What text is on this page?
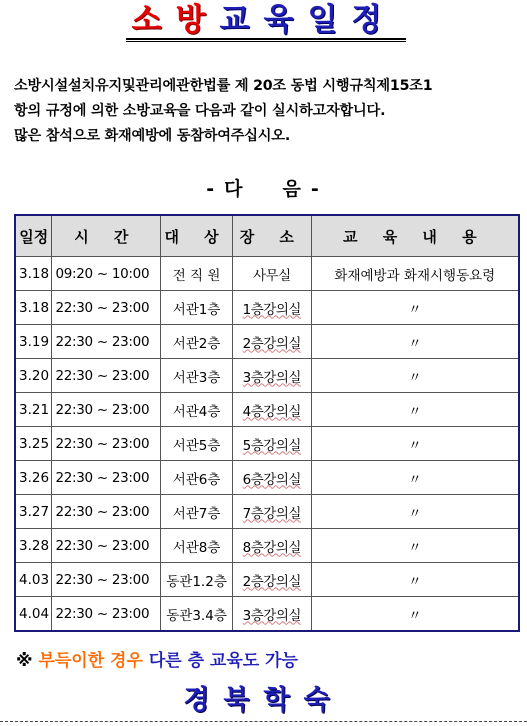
소방교육일정
소방시설설치유지및관리에관한법률 제 20조 동법 시행규칙제15조1
항의 규정에 의한 소방교육을 다음과 같이 실시하고자합니다.
많은 참석으로 화재예방에 동참하여주십시오.
- 다 음 -
일정	시 간	대 상	장 소	교 육 내 용
3.18	09:20 ~ 10:00	전 직 원	사무실	화재예방과 화재시행동요령
3.18	22:30 ~ 23:00	서관1층	1층강의실	〃
3.19	22:30 ~ 23:00	서관2층	2층강의실	〃
3.20	22:30 ~ 23:00	서관3층	3층강의실	〃
3.21	22:30 ~ 23:00	서관4층	4층강의실	〃
3.25	22:30 ~ 23:00	서관5층	5층강의실	〃
3.26	22:30 ~ 23:00	서관6층	6층강의실	〃
3.27	22:30 ~ 23:00	서관7층	7층강의실	〃
3.28	22:30 ~ 23:00	서관8층	8층강의실	〃
4.03	22:30 ~ 23:00	동관1.2층	2층강의실	〃
4.04	22:30 ~ 23:00	동관3.4층	3층강의실	〃
※ 부득이한 경우 다른 층 교육도 가능
경북학숙
